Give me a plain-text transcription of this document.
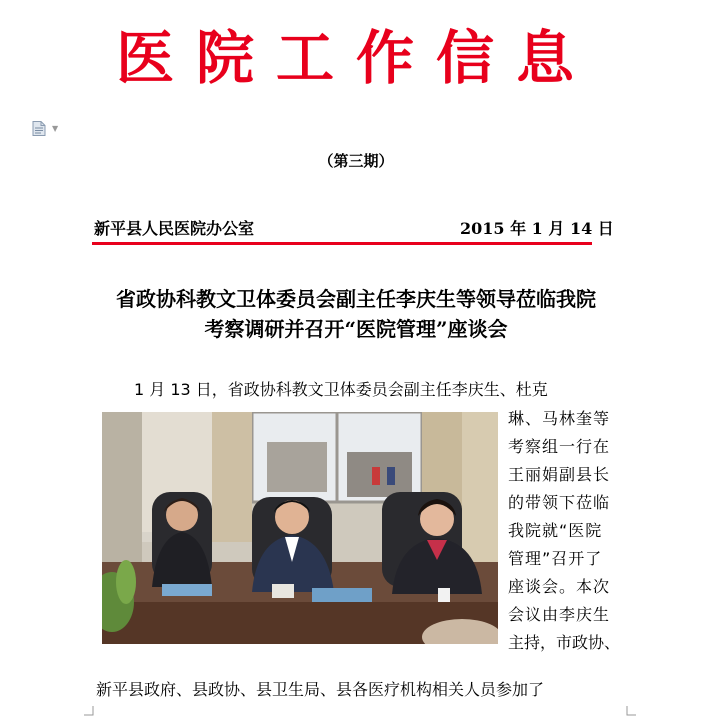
医院工作信息
▼
（第三期）
新平县人民医院办公室	2015 年 1 月 14 日
省政协科教文卫体委员会副主任李庆生等领导莅临我院
考察调研并召开“医院管理”座谈会
1 月 13 日，省政协科教文卫体委员会副主任李庆生、杜克
琳、马林奎等
考察组一行在
王丽娟副县长
的带领下莅临
我院就“医院
管理”召开了
座谈会。本次
会议由李庆生
主持，市政协、
新平县政府、县政协、县卫生局、县各医疗机构相关人员参加了
